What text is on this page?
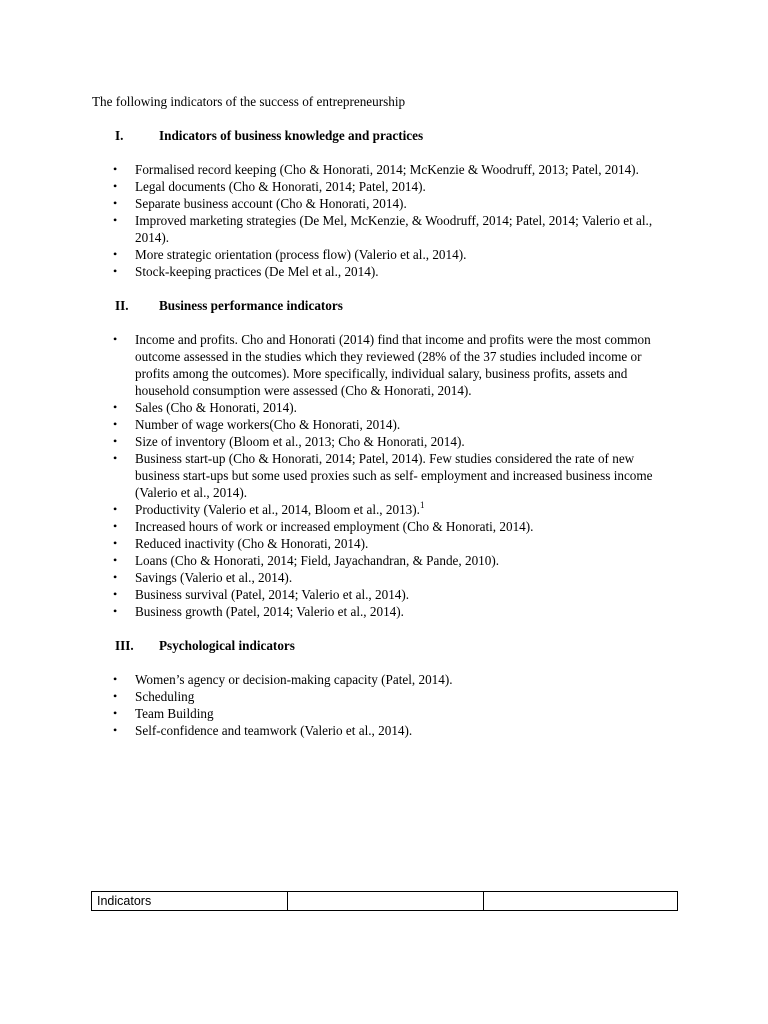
The following indicators of the success of entrepreneurship

I.	Indicators of business knowledge and practices
• Formalised record keeping (Cho & Honorati, 2014; McKenzie & Woodruff, 2013; Patel, 2014).
• Legal documents (Cho & Honorati, 2014; Patel, 2014).
• Separate business account (Cho & Honorati, 2014).
• Improved marketing strategies (De Mel, McKenzie, & Woodruff, 2014; Patel, 2014; Valerio et al., 2014).
• More strategic orientation (process flow) (Valerio et al., 2014).
• Stock-keeping practices (De Mel et al., 2014).
II. Business performance indicators
• Income and profits. Cho and Honorati (2014) find that income and profits were the most common outcome assessed in the studies which they reviewed (28% of the 37 studies included income or profits among the outcomes). More specifically, individual salary, business profits, assets and household consumption were assessed (Cho & Honorati, 2014).
• Sales (Cho & Honorati, 2014).
• Number of wage workers(Cho & Honorati, 2014).
• Size of inventory (Bloom et al., 2013; Cho & Honorati, 2014).
• Business start-up (Cho & Honorati, 2014; Patel, 2014). Few studies considered the rate of new business start-ups but some used proxies such as self- employment and increased business income (Valerio et al., 2014).
• Productivity (Valerio et al., 2014, Bloom et al., 2013).$^1$
• Increased hours of work or increased employment (Cho & Honorati, 2014).
• Reduced inactivity (Cho & Honorati, 2014).
• Loans (Cho & Honorati, 2014; Field, Jayachandran, & Pande, 2010).
• Savings (Valerio et al., 2014).
• Business survival (Patel, 2014; Valerio et al., 2014).
• Business growth (Patel, 2014; Valerio et al., 2014).
III. Psychological indicators
• Women’s agency or decision-making capacity (Patel, 2014).
• Scheduling
• Team Building
• Self-confidence and teamwork (Valerio et al., 2014).
Indicators		
